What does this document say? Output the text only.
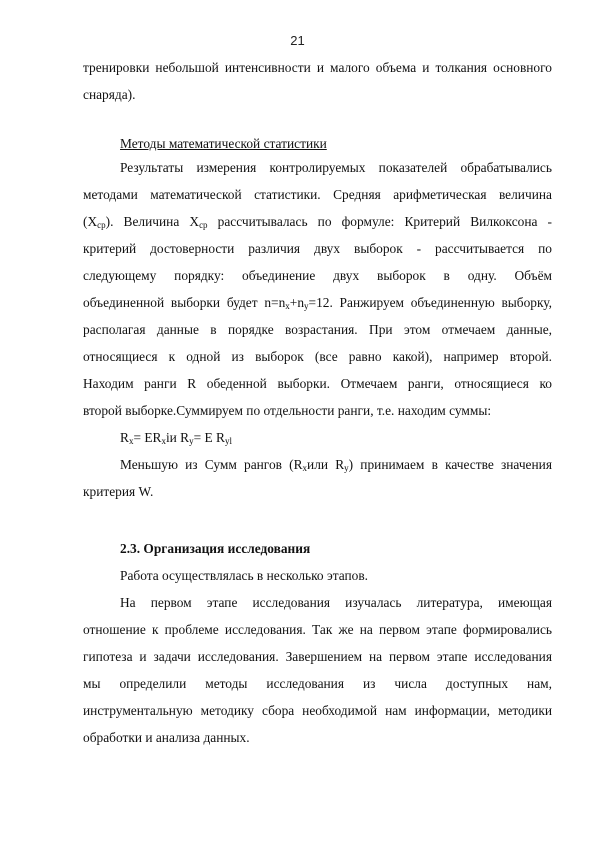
21
тренировки небольшой интенсивности и малого объема и толкания основного
снаряда).
Методы математической статистики
Результаты измерения контролируемых показателей обрабатывались
методами математической статистики. Средняя арифметическая величина
$(Х_{ср})$. Величина $Х_{ср}$ рассчитывалась по формуле: Критерий Вилкоксона -
критерий достоверности различия двух выборок - рассчитывается по
следующему порядку: объединение двух выборок в одну. Объём
объединенной выборки будет $n=n_x+n_y=12$. Ранжируем объединенную выборку,
располагая данные в порядке возрастания. При этом отмечаем данные,
относящиеся к одной из выборок (все равно какой), например второй.
Находим ранги R обеденной выборки. Отмечаем ранги, относящиеся ко
второй выборке.Суммируем по отдельности ранги, т.е. находим суммы:
$R_x= ER_xiи$ $R_y= E$ $R_{yl}$
Меньшую из Сумм рангов ($R_xили$ $R_y$) принимаем в качестве значения
критерия W.
2.3. Организация исследования
Работа осуществлялась в несколько этапов.
На первом этапе исследования изучалась литература, имеющая
отношение к проблеме исследования. Так же на первом этапе формировались
гипотеза и задачи исследования. Завершением на первом этапе исследования
мы определили методы исследования из числа доступных нам,
инструментальную методику сбора необходимой нам информации, методики
обработки и анализа данных.
